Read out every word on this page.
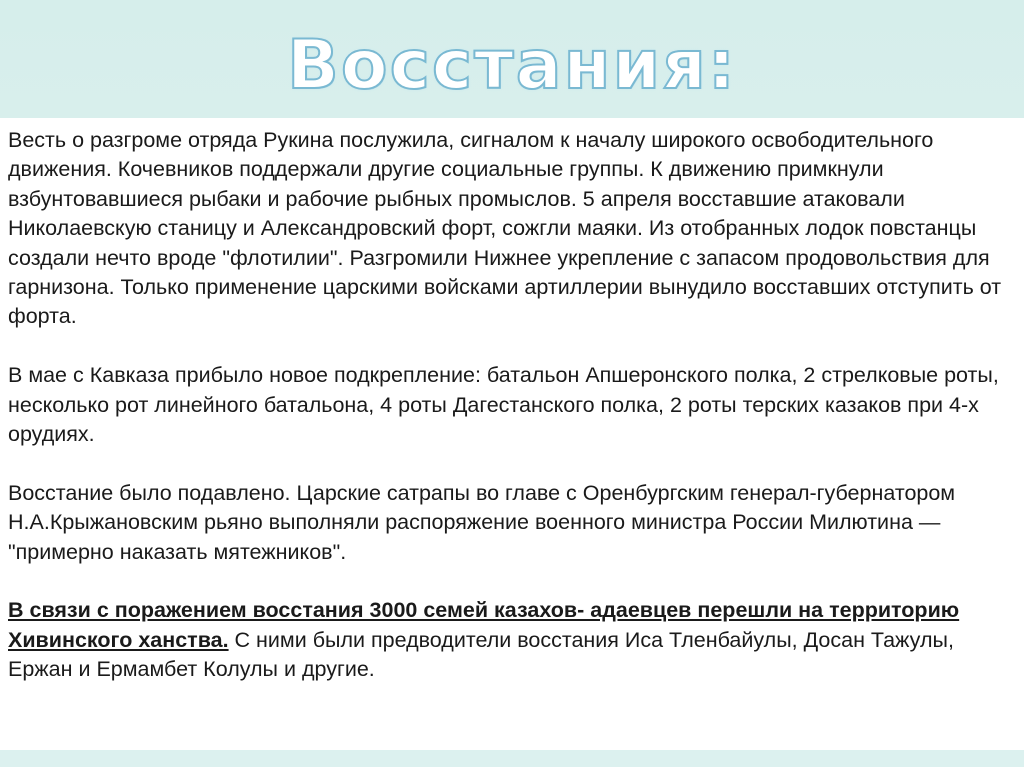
Восстания:

Весть о разгроме отряда Рукина послужила, сигналом к началу широкого освободительного движения. Кочевников поддержали другие социальные группы. К движению примкнули взбунтовавшиеся рыбаки и рабочие рыбных промыслов. 5 апреля восставшие атаковали Николаевскую станицу и Александровский форт, сожгли маяки. Из отобранных лодок повстанцы создали нечто вроде "флотилии". Разгромили Нижнее укрепление с запасом продовольствия для гарнизона. Только применение царскими войсками артиллерии вынудило восставших отступить от форта.

В мае с Кавказа прибыло новое подкрепление: батальон Апшеронского полка, 2 стрелковые роты, несколько рот линейного батальона, 4 роты Дагестанского полка, 2 роты терских казаков при 4-х орудиях.

Восстание было подавлено. Царские сатрапы во главе с Оренбургским генерал-губернатором Н.А.Крыжановским рьяно выполняли распоряжение военного министра России Милютина — "примерно наказать мятежников".

В связи с поражением восстания 3000 семей казахов- адаевцев перешли на территорию Хивинского ханства. С ними были предводители восстания Иса Тленбайулы, Досан Тажулы, Ержан и Ермамбет Колулы и другие.
